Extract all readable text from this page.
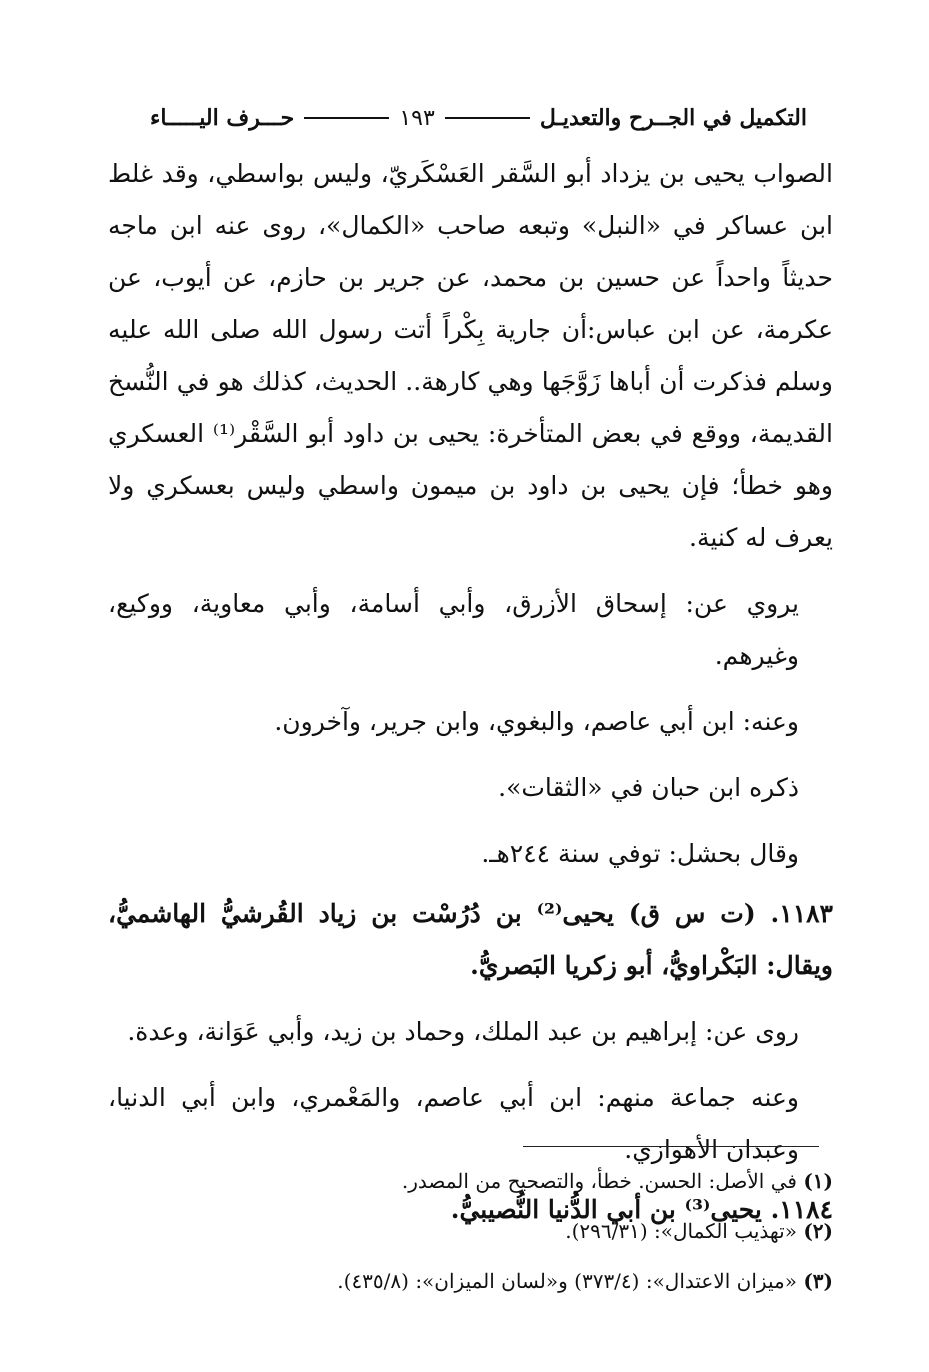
التكميل في الجــرح والتعديـل
١٩٣
حـــرف اليـــــاء

الصواب يحيى بن يزداد أبو السَّقر العَسْكَريّ، وليس بواسطي، وقد غلط ابن عساكر في «النبل» وتبعه صاحب «الكمال»، روى عنه ابن ماجه حديثاً واحداً عن حسين بن محمد، عن جرير بن حازم، عن أيوب، عن عكرمة، عن ابن عباس:أن جارية بِكْراً أتت رسول الله صلى الله عليه وسلم فذكرت أن أباها زَوَّجَها وهي كارهة.. الحديث، كذلك هو في النُّسخ القديمة، ووقع في بعض المتأخرة: يحيى بن داود أبو السَّقْر⁽¹⁾ العسكري وهو خطأ؛ فإن يحيى بن داود بن ميمون واسطي وليس بعسكري ولا يعرف له كنية.

يروي عن: إسحاق الأزرق، وأبي أسامة، وأبي معاوية، ووكيع، وغيرهم.

وعنه: ابن أبي عاصم، والبغوي، وابن جرير، وآخرون.

ذكره ابن حبان في «الثقات».

وقال بحشل: توفي سنة ٢٤٤هـ.

١١٨٣. (ت س ق) يحيى⁽²⁾ بن دُرُسْت بن زياد القُرشيُّ الهاشميُّ، ويقال: البَكْراويُّ، أبو زكريا البَصريُّ.

روى عن: إبراهيم بن عبد الملك، وحماد بن زيد، وأبي عَوَانة، وعدة.

وعنه جماعة منهم: ابن أبي عاصم، والمَعْمري، وابن أبي الدنيا، وعبدان الأهوازي.

١١٨٤. يحيى⁽³⁾ بن أبي الدُّنيا النُّصيبيُّ.

(١) في الأصل: الحسن. خطأ، والتصحيح من المصدر.

(٢) «تهذيب الكمال»: (٢٩٦/٣١).

(٣) «ميزان الاعتدال»: (٣٧٣/٤) و«لسان الميزان»: (٤٣٥/٨).
